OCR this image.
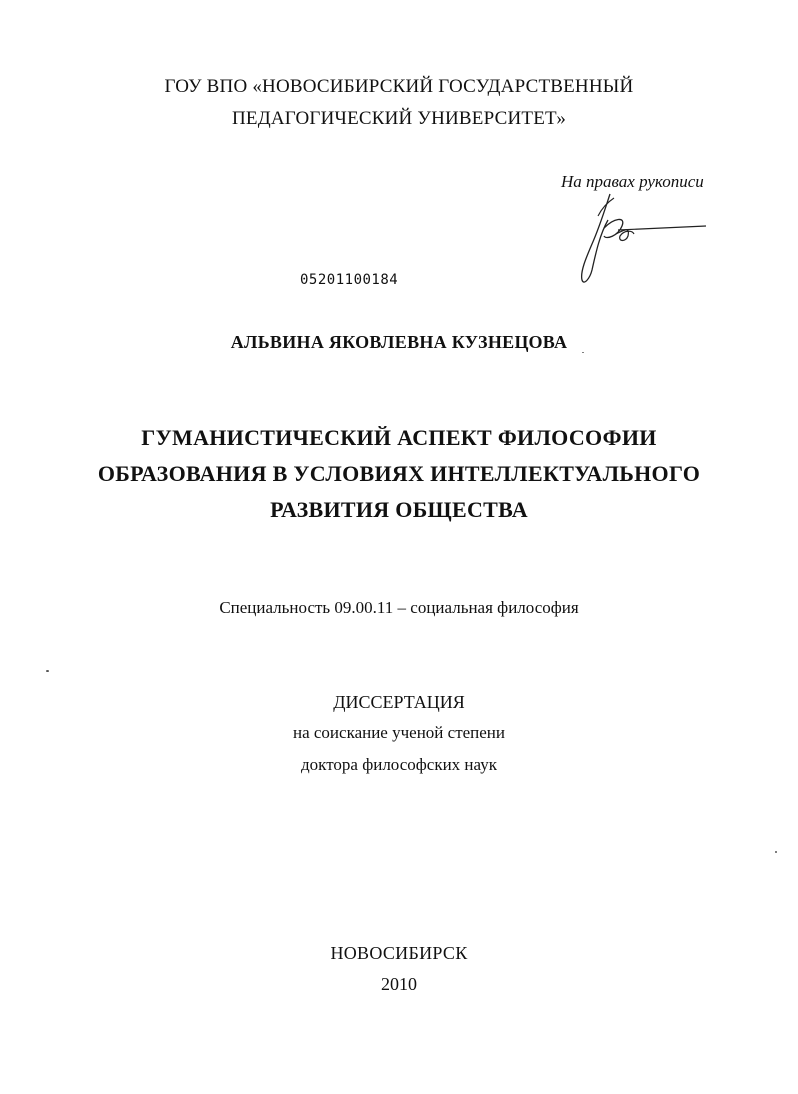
ГОУ ВПО «НОВОСИБИРСКИЙ ГОСУДАРСТВЕННЫЙ
ПЕДАГОГИЧЕСКИЙ УНИВЕРСИТЕТ»
На правах рукописи
05201100184
АЛЬВИНА ЯКОВЛЕВНА КУЗНЕЦОВА
ГУМАНИСТИЧЕСКИЙ АСПЕКТ ФИЛОСОФИИ
ОБРАЗОВАНИЯ В УСЛОВИЯХ ИНТЕЛЛЕКТУАЛЬНОГО
РАЗВИТИЯ ОБЩЕСТВА
Специальность 09.00.11 – социальная философия
ДИССЕРТАЦИЯ
на соискание ученой степени
доктора философских наук
НОВОСИБИРСК
2010
